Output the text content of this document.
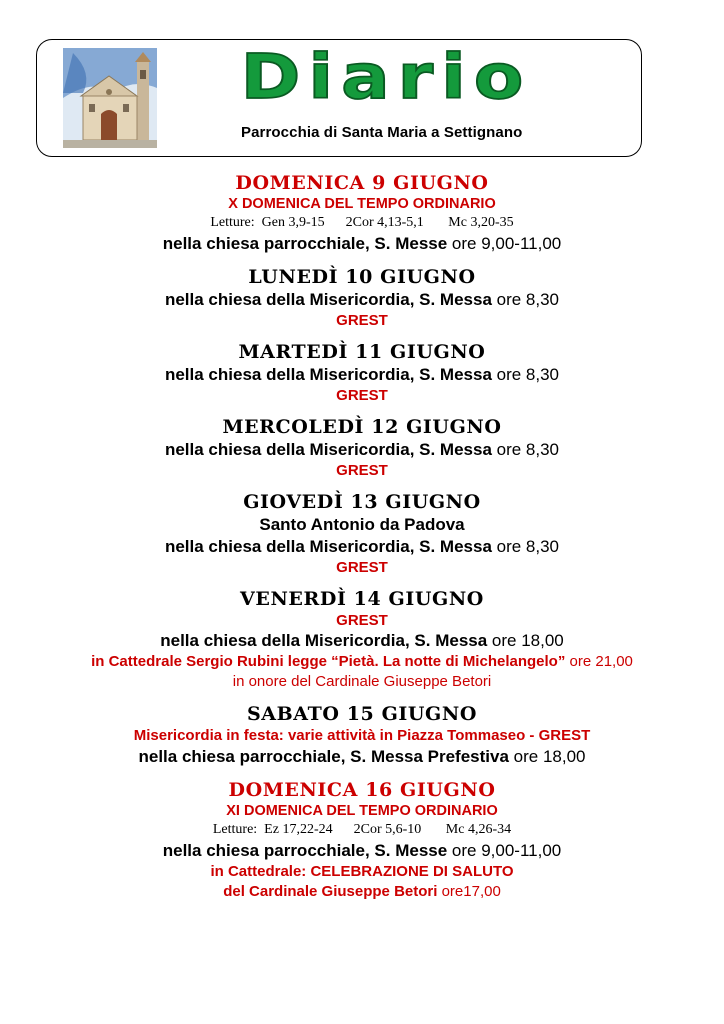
Diario
Parrocchia di Santa Maria a Settignano
DOMENICA 9 GIUGNO
X DOMENICA DEL TEMPO ORDINARIO
Letture:  Gen 3,9-15      2Cor 4,13-5,1       Mc 3,20-35
nella chiesa parrocchiale, S. Messe ore 9,00-11,00
LUNEDÌ 10 GIUGNO
nella chiesa della Misericordia, S. Messa ore 8,30
GREST
MARTEDÌ 11 GIUGNO
nella chiesa della Misericordia, S. Messa ore 8,30
GREST
MERCOLEDÌ 12 GIUGNO
nella chiesa della Misericordia, S. Messa ore 8,30
GREST
GIOVEDÌ 13 GIUGNO
Santo Antonio da Padova
nella chiesa della Misericordia, S. Messa ore 8,30
GREST
VENERDÌ 14 GIUGNO
GREST
nella chiesa della Misericordia, S. Messa ore 18,00
in Cattedrale Sergio Rubini legge “Pietà. La notte di Michelangelo” ore 21,00
in onore del Cardinale Giuseppe Betori
SABATO 15 GIUGNO
Misericordia in festa: varie attività in Piazza Tommaseo - GREST
nella chiesa parrocchiale, S. Messa Prefestiva ore 18,00
DOMENICA 16 GIUGNO
XI DOMENICA DEL TEMPO ORDINARIO
Letture:  Ez 17,22-24      2Cor 5,6-10       Mc 4,26-34
nella chiesa parrocchiale, S. Messe ore 9,00-11,00
in Cattedrale: CELEBRAZIONE DI SALUTO
del Cardinale Giuseppe Betori ore17,00
